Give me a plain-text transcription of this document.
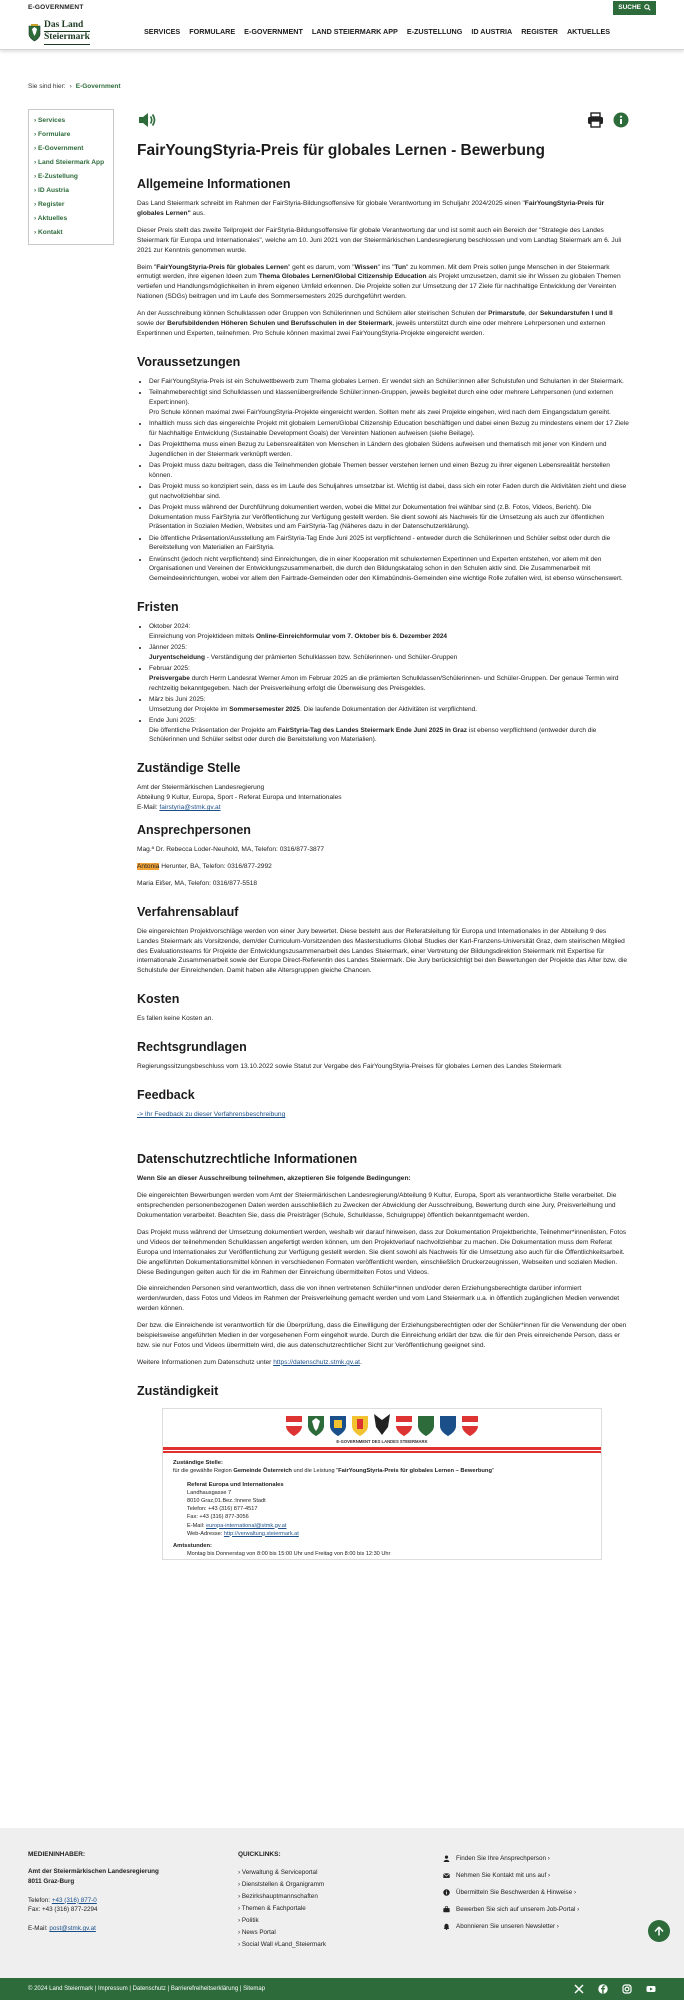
E-GOVERNMENT	SUCHE
Das Land
Steiermark
SERVICES FORMULARE E-GOVERNMENT LAND STEIERMARK APP E-ZUSTELLUNG ID AUSTRIA REGISTER AKTUELLES
Sie sind hier: › E-Government
› Services
› Formulare
› E-Government
› Land Steiermark App
› E-Zustellung
› ID Austria
› Register
› Aktuelles
› Kontakt
FairYoungStyria-Preis für globales Lernen - Bewerbung
Allgemeine Informationen

Das Land Steiermark schreibt im Rahmen der FairStyria-Bildungsoffensive für globale Verantwortung im Schuljahr 2024/2025 einen "FairYoungStyria-Preis für globales Lernen" aus.

Dieser Preis stellt das zweite Teilprojekt der FairStyria-Bildungsoffensive für globale Verantwortung dar und ist somit auch ein Bereich der "Strategie des Landes Steiermark für Europa und Internationales", welche am 10. Juni 2021 von der Steiermärkischen Landesregierung beschlossen und vom Landtag Steiermark am 6. Juli 2021 zur Kenntnis genommen wurde.

Beim "FairYoungStyria-Preis für globales Lernen" geht es darum, vom "Wissen" ins "Tun" zu kommen. Mit dem Preis sollen junge Menschen in der Steiermark ermutigt werden, ihre eigenen Ideen zum Thema Globales Lernen/Global Citizenship Education als Projekt umzusetzen, damit sie ihr Wissen zu globalen Themen vertiefen und Handlungsmöglichkeiten in ihrem eigenen Umfeld erkennen. Die Projekte sollen zur Umsetzung der 17 Ziele für nachhaltige Entwicklung der Vereinten Nationen (SDGs) beitragen und im Laufe des Sommersemesters 2025 durchgeführt werden.

An der Ausschreibung können Schulklassen oder Gruppen von Schülerinnen und Schülern aller steirischen Schulen der Primarstufe, der Sekundarstufen I und II sowie der Berufsbildenden Höheren Schulen und Berufsschulen in der Steiermark, jeweils unterstützt durch eine oder mehrere Lehrpersonen und externen Expertinnen und Experten, teilnehmen. Pro Schule können maximal zwei FairYoungStyria-Projekte eingereicht werden.

Voraussetzungen
• Der FairYoungStyria-Preis ist ein Schulwettbewerb zum Thema globales Lernen. Er wendet sich an Schüler:innen aller Schulstufen und Schularten in der Steiermark.
• Teilnahmeberechtigt sind Schulklassen und klassenübergreifende Schüler:innen-Gruppen, jeweils begleitet durch eine oder mehrere Lehrpersonen (und externen Expert:innen).
Pro Schule können maximal zwei FairYoungStyria-Projekte eingereicht werden. Sollten mehr als zwei Projekte eingehen, wird nach dem Eingangsdatum gereiht.
• Inhaltlich muss sich das eingereichte Projekt mit globalem Lernen/Global Citizenship Education beschäftigen und dabei einen Bezug zu mindestens einem der 17 Ziele für Nachhaltige Entwicklung (Sustainable Development Goals) der Vereinten Nationen aufweisen (siehe Beilage).
• Das Projektthema muss einen Bezug zu Lebensrealitäten von Menschen in Ländern des globalen Südens aufweisen und thematisch mit jener von Kindern und Jugendlichen in der Steiermark verknüpft werden.
• Das Projekt muss dazu beitragen, dass die Teilnehmenden globale Themen besser verstehen lernen und einen Bezug zu ihrer eigenen Lebensrealität herstellen können.
• Das Projekt muss so konzipiert sein, dass es im Laufe des Schuljahres umsetzbar ist. Wichtig ist dabei, dass sich ein roter Faden durch die Aktivitäten zieht und diese gut nachvollziehbar sind.
• Das Projekt muss während der Durchführung dokumentiert werden, wobei die Mittel zur Dokumentation frei wählbar sind (z.B. Fotos, Videos, Bericht). Die Dokumentation muss FairStyria zur Veröffentlichung zur Verfügung gestellt werden. Sie dient sowohl als Nachweis für die Umsetzung als auch zur öffentlichen Präsentation in Sozialen Medien, Websites und am FairStyria-Tag (Näheres dazu in der Datenschutzerklärung).
• Die öffentliche Präsentation/Ausstellung am FairStyria-Tag Ende Juni 2025 ist verpflichtend - entweder durch die Schülerinnen und Schüler selbst oder durch die Bereitstellung von Materialien an FairStyria.
• Erwünscht (jedoch nicht verpflichtend) sind Einreichungen, die in einer Kooperation mit schulexternen Expertinnen und Experten entstehen, vor allem mit den Organisationen und Vereinen der Entwicklungszusammenarbeit, die durch den Bildungskatalog schon in den Schulen aktiv sind. Die Zusammenarbeit mit Gemeindeeinrichtungen, wobei vor allem den Fairtrade-Gemeinden oder den Klimabündnis-Gemeinden eine wichtige Rolle zufallen wird, ist ebenso wünschenswert.
Fristen
• Oktober 2024:
Einreichung von Projektideen mittels Online-Einreichformular vom 7. Oktober bis 6. Dezember 2024
• Jänner 2025:
Juryentscheidung - Verständigung der prämierten Schulklassen bzw. Schülerinnen- und Schüler-Gruppen
• Februar 2025:
Preisvergabe durch Herrn Landesrat Werner Amon im Februar 2025 an die prämierten Schulklassen/Schülerinnen- und Schüler-Gruppen. Der genaue Termin wird rechtzeitig bekanntgegeben. Nach der Preisverleihung erfolgt die Überweisung des Preisgeldes.
• März bis Juni 2025:
Umsetzung der Projekte im Sommersemester 2025. Die laufende Dokumentation der Aktivitäten ist verpflichtend.
• Ende Juni 2025:
Die öffentliche Präsentation der Projekte am FairStyria-Tag des Landes Steiermark Ende Juni 2025 in Graz ist ebenso verpflichtend (entweder durch die Schülerinnen und Schüler selbst oder durch die Bereitstellung von Materialien).
Zuständige Stelle

Amt der Steiermärkischen Landesregierung
Abteilung 9 Kultur, Europa, Sport - Referat Europa und Internationales
E-Mail: fairstyria@stmk.gv.at

Ansprechpersonen

Mag.ª Dr. Rebecca Loder-Neuhold, MA, Telefon: 0316/877-3877

Antonia Herunter, BA, Telefon: 0316/877-2992

Maria Eißer, MA, Telefon: 0316/877-5518

Verfahrensablauf

Die eingereichten Projektvorschläge werden von einer Jury bewertet. Diese besteht aus der Referatsleitung für Europa und Internationales in der Abteilung 9 des Landes Steiermark als Vorsitzende, dem/der Curriculum-Vorsitzenden des Masterstudiums Global Studies der Karl-Franzens-Universität Graz, dem steirischen Mitglied des Evaluationsteams für Projekte der Entwicklungszusammenarbeit des Landes Steiermark, einer Vertretung der Bildungsdirektion Steiermark mit Expertise für internationale Zusammenarbeit sowie der Europe Direct-Referentin des Landes Steiermark. Die Jury berücksichtigt bei den Bewertungen der Projekte das Alter bzw. die Schulstufe der Einreichenden. Damit haben alle Altersgruppen gleiche Chancen.

Kosten

Es fallen keine Kosten an.

Rechtsgrundlagen

Regierungssitzungsbeschluss vom 13.10.2022 sowie Statut zur Vergabe des FairYoungStyria-Preises für globales Lernen des Landes Steiermark

Feedback

-> Ihr Feedback zu dieser Verfahrensbeschreibung

Datenschutzrechtliche Informationen

Wenn Sie an dieser Ausschreibung teilnehmen, akzeptieren Sie folgende Bedingungen:

Die eingereichten Bewerbungen werden vom Amt der Steiermärkischen Landesregierung/Abteilung 9 Kultur, Europa, Sport als verantwortliche Stelle verarbeitet. Die entsprechenden personenbezogenen Daten werden ausschließlich zu Zwecken der Abwicklung der Ausschreibung, Bewertung durch eine Jury, Preisverleihung und Dokumentation verarbeitet. Beachten Sie, dass die Preisträger (Schule, Schulklasse, Schulgruppe) öffentlich bekanntgemacht werden.

Das Projekt muss während der Umsetzung dokumentiert werden, weshalb wir darauf hinweisen, dass zur Dokumentation Projektberichte, Teilnehmer*innenlisten, Fotos und Videos der teilnehmenden Schulklassen angefertigt werden können, um den Projektverlauf nachvollziehbar zu machen. Die Dokumentation muss dem Referat Europa und Internationales zur Veröffentlichung zur Verfügung gestellt werden. Sie dient sowohl als Nachweis für die Umsetzung also auch für die Öffentlichkeitsarbeit. Die angeführten Dokumentationsmittel können in verschiedenen Formaten veröffentlicht werden, einschließlich Druckerzeugnissen, Webseiten und sozialen Medien. Diese Bedingungen gelten auch für die im Rahmen der Einreichung übermittelten Fotos und Videos.

Die einreichenden Personen sind verantwortlich, dass die von ihnen vertretenen Schüler*innen und/oder deren Erziehungsberechtigte darüber informiert werden/wurden, dass Fotos und Videos im Rahmen der Preisverleihung gemacht werden und vom Land Steiermark u.a. in öffentlich zugänglichen Medien verwendet werden können.

Der bzw. die Einreichende ist verantwortlich für die Überprüfung, dass die Einwilligung der Erziehungsberechtigten oder der Schüler*innen für die Verwendung der oben beispielsweise angeführten Medien in der vorgesehenen Form eingeholt wurde. Durch die Einreichung erklärt der bzw. die für den Preis einreichende Person, dass er bzw. sie nur Fotos und Videos übermitteln wird, die aus datenschutzrechtlicher Sicht zur Veröffentlichung geeignet sind.

Weitere Informationen zum Datenschutz unter https://datenschutz.stmk.gv.at.

Zuständigkeit
E-GOVERNMENT DES LANDES STEIERMARK
Zuständige Stelle:
für die gewählte Region Gemeinde Österreich und die Leistung "FairYoungStyria-Preis für globales Lernen – Bewerbung"

Referat Europa und Internationales
Landhausgasse 7
8010 Graz,01.Bez.:Innere Stadt
Telefon: +43 (316) 877-4517
Fax: +43 (316) 877-3056
E-Mail: europa-international@stmk.gv.at
Web-Adresse: http://verwaltung.steiermark.at
Amtsstunden:
Montag bis Donnerstag von 8:00 bis 15:00 Uhr und Freitag von 8:00 bis 12:30 Uhr
MEDIENINHABER:
Amt der Steiermärkischen Landesregierung
8011 Graz-Burg

Telefon: +43 (316) 877-0
Fax: +43 (316) 877-2294

E-Mail: post@stmk.gv.at
QUICKLINKS:
› Verwaltung & Serviceportal
› Dienststellen & Organigramm
› Bezirkshauptmannschaften
› Themen & Fachportale
› Politik
› News Portal
› Social Wall #Land_Steiermark
Finden Sie Ihre Ansprechperson ›
Nehmen Sie Kontakt mit uns auf ›
Übermitteln Sie Beschwerden & Hinweise ›
Bewerben Sie sich auf unserem Job-Portal ›
Abonnieren Sie unseren Newsletter ›
© 2024 Land Steiermark | Impressum | Datenschutz | Barrierefreiheitserklärung | Sitemap
